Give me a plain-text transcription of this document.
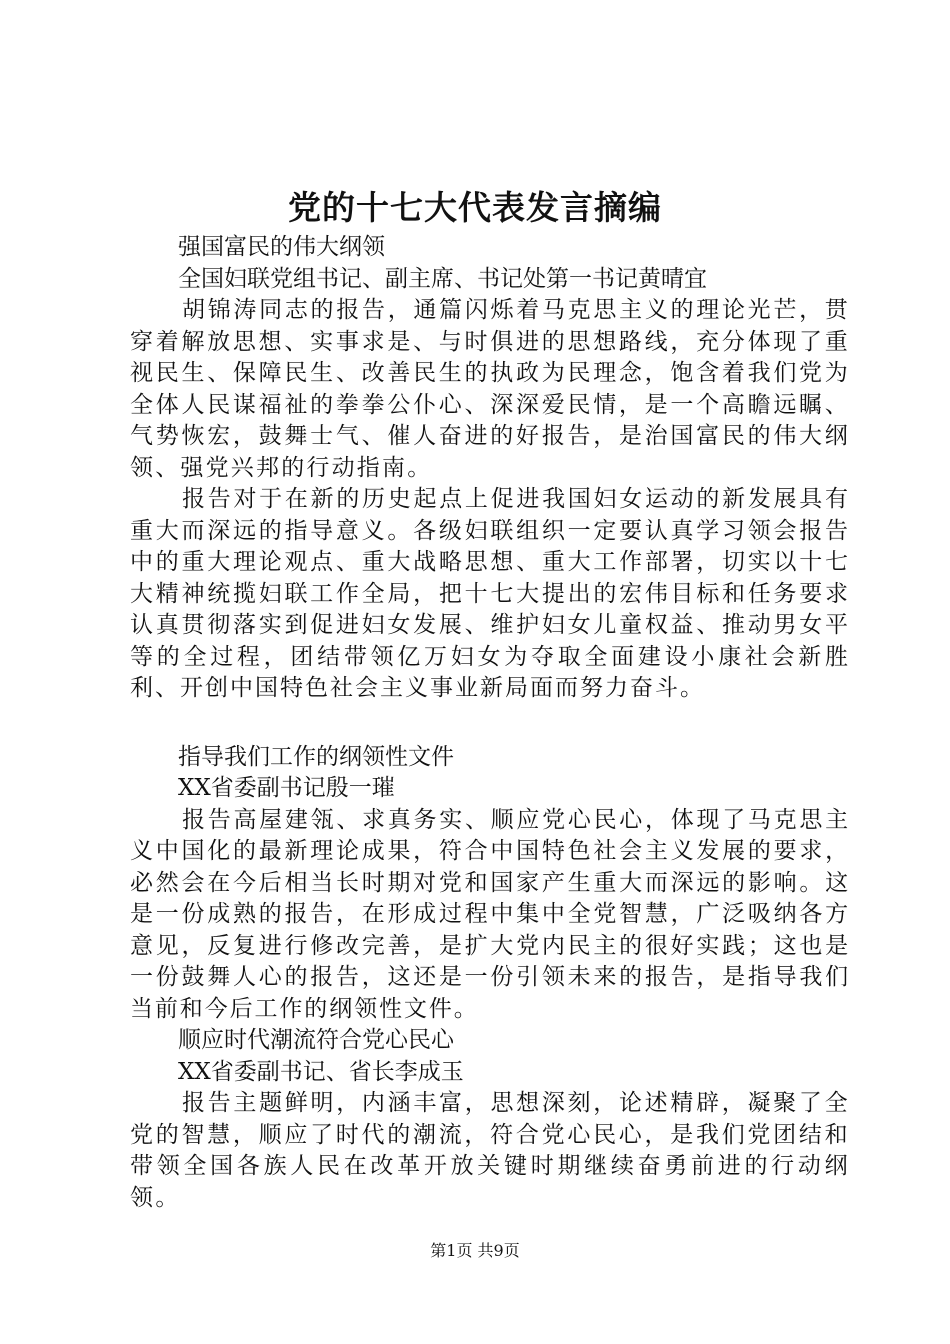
党的十七大代表发言摘编

强国富民的伟大纲领

全国妇联党组书记、副主席、书记处第一书记黄晴宜

胡锦涛同志的报告，通篇闪烁着马克思主义的理论光芒，贯穿着解放思想、实事求是、与时俱进的思想路线，充分体现了重视民生、保障民生、改善民生的执政为民理念，饱含着我们党为全体人民谋福祉的拳拳公仆心、深深爱民情，是一个高瞻远瞩、气势恢宏，鼓舞士气、催人奋进的好报告，是治国富民的伟大纲领、强党兴邦的行动指南。

报告对于在新的历史起点上促进我国妇女运动的新发展具有重大而深远的指导意义。各级妇联组织一定要认真学习领会报告中的重大理论观点、重大战略思想、重大工作部署，切实以十七大精神统揽妇联工作全局，把十七大提出的宏伟目标和任务要求认真贯彻落实到促进妇女发展、维护妇女儿童权益、推动男女平等的全过程，团结带领亿万妇女为夺取全面建设小康社会新胜利、开创中国特色社会主义事业新局面而努力奋斗。

指导我们工作的纲领性文件

XX省委副书记殷一璀

报告高屋建瓴、求真务实、顺应党心民心，体现了马克思主义中国化的最新理论成果，符合中国特色社会主义发展的要求，必然会在今后相当长时期对党和国家产生重大而深远的影响。这是一份成熟的报告，在形成过程中集中全党智慧，广泛吸纳各方意见，反复进行修改完善，是扩大党内民主的很好实践；这也是一份鼓舞人心的报告，这还是一份引领未来的报告，是指导我们当前和今后工作的纲领性文件。

顺应时代潮流符合党心民心

XX省委副书记、省长李成玉

报告主题鲜明，内涵丰富，思想深刻，论述精辟，凝聚了全党的智慧，顺应了时代的潮流，符合党心民心，是我们党团结和带领全国各族人民在改革开放关键时期继续奋勇前进的行动纲领。

第1页 共9页
